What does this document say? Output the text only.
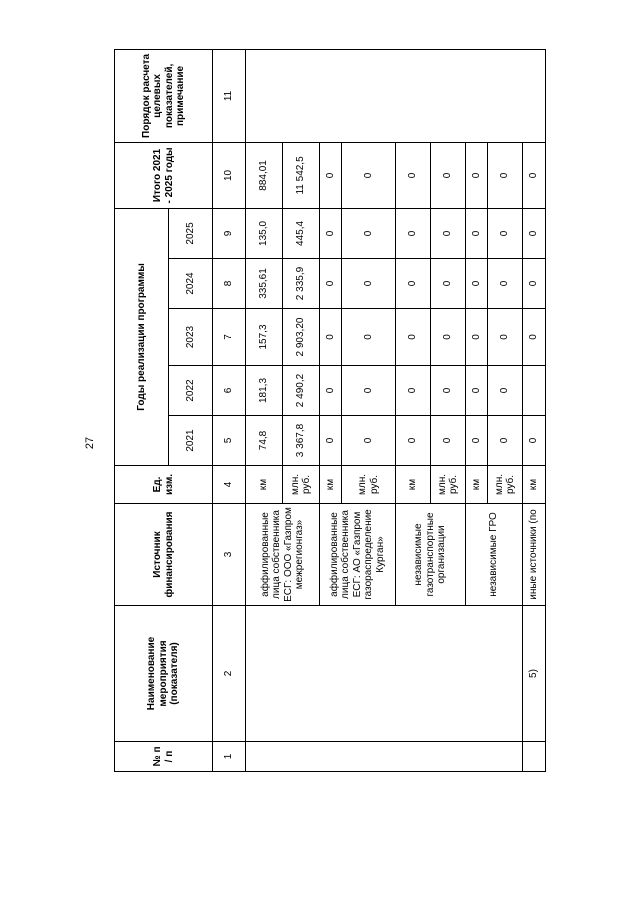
27
№ п / п	Наименование мероприятия (показателя)	Источник финансирования	Ед. изм.	Годы реализации программы					Итого 2021 - 2025 годы	Порядок расчета целевых показателей, примечание
				2021	2022	2023	2024	2025		
1	2	3	4	5	6	7	8	9	10	11
		аффилированные лица собственника ЕСГ: ООО «Газпром межрегионгаз»	км	74,8	181,3	157,3	335,61	135,0	884,01	
			млн. руб.	3 367,8	2 490,2	2 903,20	2 335,9	445,4	11 542,5	
		аффилированные лица собственника ЕСГ: АО «Газпром газораспределение Курган»	км	0	0	0	0	0	0	
			млн. руб.	0	0	0	0	0	0	
		независимые газотранспортные организации	км	0	0	0	0	0	0	
			млн. руб.	0	0	0	0	0	0	
		независимые ГРО	км	0	0	0	0	0	0	
			млн. руб.	0	0	0	0	0	0	
	5)	иные источники (по	км	0		0	0	0	0	
